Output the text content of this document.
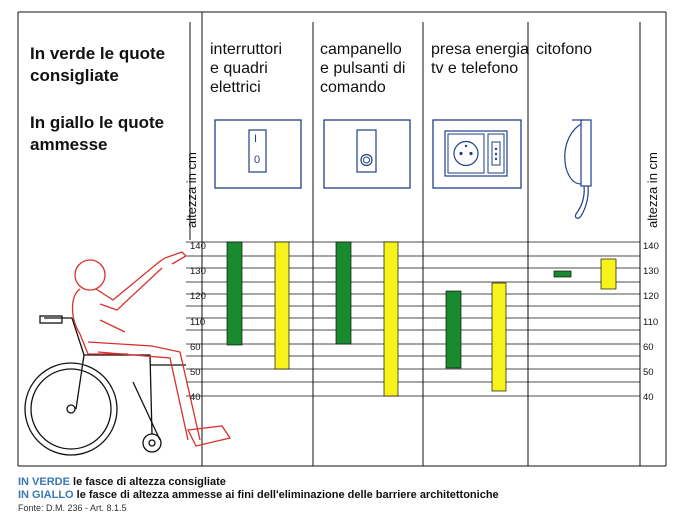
In verde le quote
consigliate
In giallo le quote
ammesse
interruttori
e quadri
elettrici
campanello
e pulsanti di
comando
presa energia
tv e telefono
citofono
I
0
altezza in cm	altezza in cm
140
130
120
110
60
50
40
140
130
120
110
60
50
40
IN VERDE le fasce di altezza consigliate
IN GIALLO le fasce di altezza ammesse ai fini dell'eliminazione delle barriere architettoniche
Fonte: D.M. 236 - Art. 8.1.5
